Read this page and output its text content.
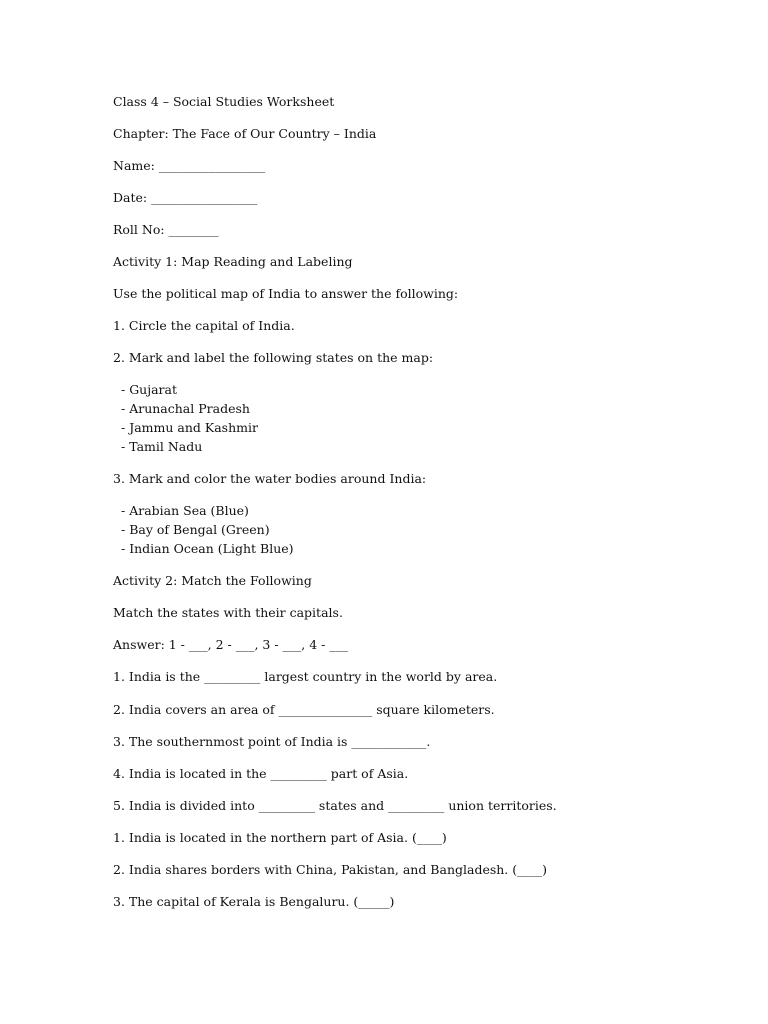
Class 4 – Social Studies Worksheet

Chapter: The Face of Our Country – India

Name: _________________

Date: _________________

Roll No: ________

Activity 1: Map Reading and Labeling

Use the political map of India to answer the following:

1. Circle the capital of India.

2. Mark and label the following states on the map:

- Gujarat

- Arunachal Pradesh

- Jammu and Kashmir

- Tamil Nadu

3. Mark and color the water bodies around India:

- Arabian Sea (Blue)

- Bay of Bengal (Green)

- Indian Ocean (Light Blue)

Activity 2: Match the Following

Match the states with their capitals.

Answer: 1 - ___, 2 - ___, 3 - ___, 4 - ___

1. India is the _________ largest country in the world by area.

2. India covers an area of _______________ square kilometers.

3. The southernmost point of India is ____________.

4. India is located in the _________ part of Asia.

5. India is divided into _________ states and _________ union territories.

1. India is located in the northern part of Asia. (____)

2. India shares borders with China, Pakistan, and Bangladesh. (____)

3. The capital of Kerala is Bengaluru. (_____)
